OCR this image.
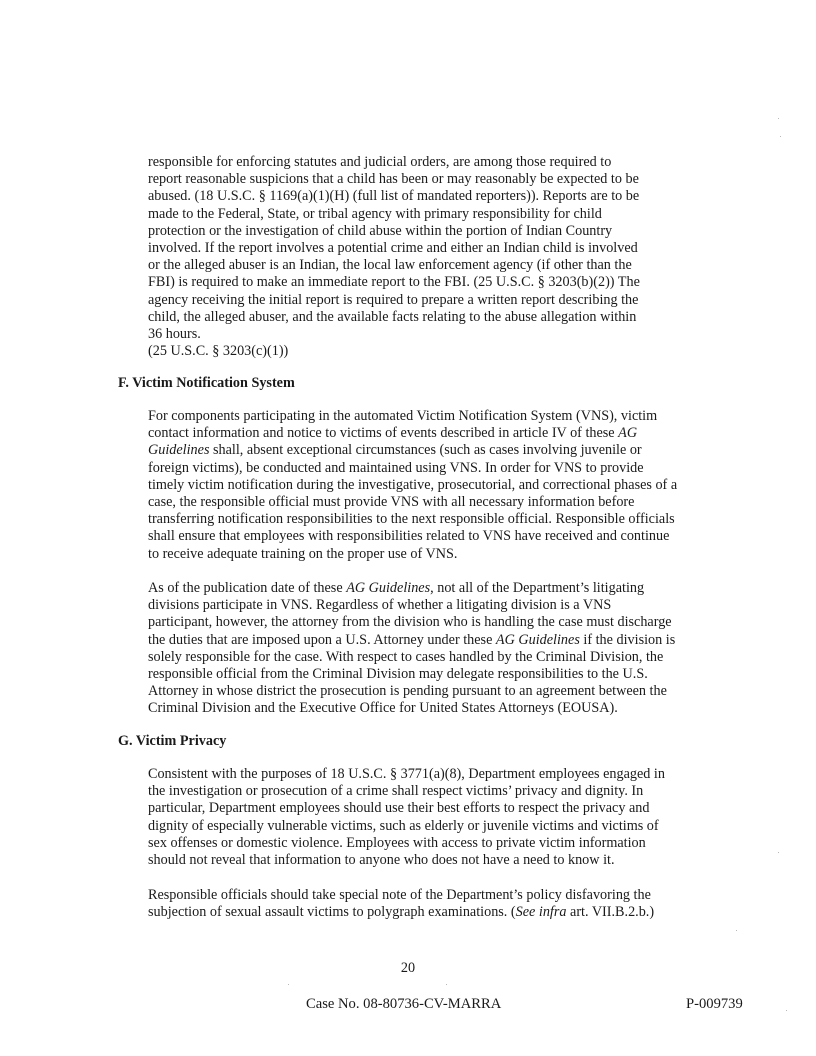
responsible for enforcing statutes and judicial orders, are among those required to
report reasonable suspicions that a child has been or may reasonably be expected to be
abused. (18 U.S.C. § 1169(a)(1)(H) (full list of mandated reporters)). Reports are to be
made to the Federal, State, or tribal agency with primary responsibility for child
protection or the investigation of child abuse within the portion of Indian Country
involved. If the report involves a potential crime and either an Indian child is involved
or the alleged abuser is an Indian, the local law enforcement agency (if other than the
FBI) is required to make an immediate report to the FBI. (25 U.S.C. § 3203(b)(2)) The
agency receiving the initial report is required to prepare a written report describing the
child, the alleged abuser, and the available facts relating to the abuse allegation within
36 hours.
(25 U.S.C. § 3203(c)(1))
F. Victim Notification System
For components participating in the automated Victim Notification System (VNS), victim
contact information and notice to victims of events described in article IV of these AG
Guidelines shall, absent exceptional circumstances (such as cases involving juvenile or
foreign victims), be conducted and maintained using VNS. In order for VNS to provide
timely victim notification during the investigative, prosecutorial, and correctional phases of a
case, the responsible official must provide VNS with all necessary information before
transferring notification responsibilities to the next responsible official. Responsible officials
shall ensure that employees with responsibilities related to VNS have received and continue
to receive adequate training on the proper use of VNS.
As of the publication date of these AG Guidelines, not all of the Department’s litigating
divisions participate in VNS. Regardless of whether a litigating division is a VNS
participant, however, the attorney from the division who is handling the case must discharge
the duties that are imposed upon a U.S. Attorney under these AG Guidelines if the division is
solely responsible for the case. With respect to cases handled by the Criminal Division, the
responsible official from the Criminal Division may delegate responsibilities to the U.S.
Attorney in whose district the prosecution is pending pursuant to an agreement between the
Criminal Division and the Executive Office for United States Attorneys (EOUSA).
G. Victim Privacy
Consistent with the purposes of 18 U.S.C. § 3771(a)(8), Department employees engaged in
the investigation or prosecution of a crime shall respect victims’ privacy and dignity. In
particular, Department employees should use their best efforts to respect the privacy and
dignity of especially vulnerable victims, such as elderly or juvenile victims and victims of
sex offenses or domestic violence. Employees with access to private victim information
should not reveal that information to anyone who does not have a need to know it.
Responsible officials should take special note of the Department’s policy disfavoring the
subjection of sexual assault victims to polygraph examinations. (See infra art. VII.B.2.b.)
20
Case No. 08-80736-CV-MARRA	P-009739
